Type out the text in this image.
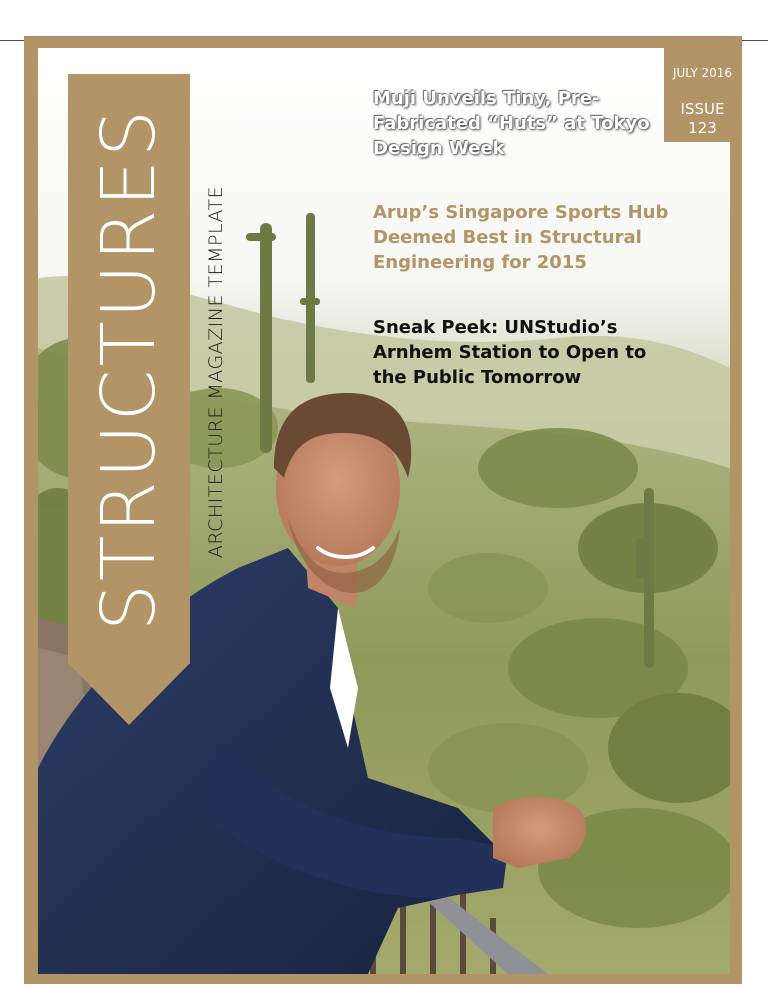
JULY 2016
ISSUE
123
STRUCTURES ARCHITECTURE MAGAZINE TEMPLATE
Muji Unveils Tiny, Pre-
Fabricated “Huts” at Tokyo
Design Week
Arup’s Singapore Sports Hub
Deemed Best in Structural
Engineering for 2015
Sneak Peek: UNStudio’s
Arnhem Station to Open to
the Public Tomorrow
